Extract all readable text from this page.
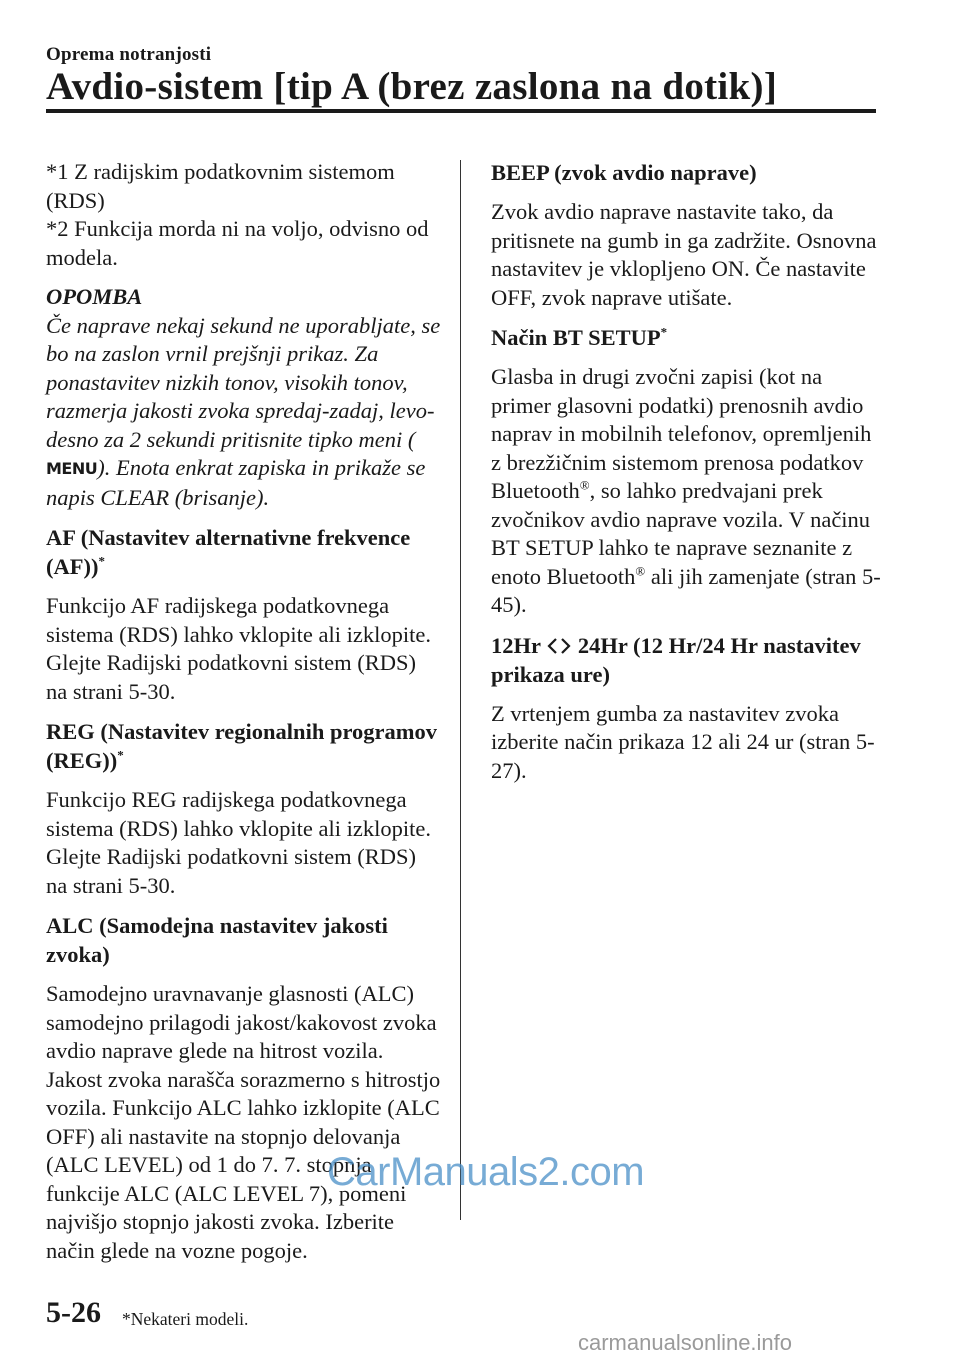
Oprema notranjosti
Avdio-sistem [tip A (brez zaslona na dotik)]

*1 Z radijskim podatkovnim sistemom (RDS)

*2 Funkcija morda ni na voljo, odvisno od modela.

OPOMBA

Če naprave nekaj sekund ne uporabljate, se bo na zaslon vrnil prejšnji prikaz. Za ponastavitev nizkih tonov, visokih tonov, razmerja jakosti zvoka spredaj-zadaj, levo-desno za 2 sekundi pritisnite tipko meni (MENU). Enota enkrat zapiska in prikaže se napis CLEAR (brisanje).

AF (Nastavitev alternativne frekvence (AF))*

Funkcijo AF radijskega podatkovnega sistema (RDS) lahko vklopite ali izklopite. Glejte Radijski podatkovni sistem (RDS) na strani 5-30.

REG (Nastavitev regionalnih programov (REG))*

Funkcijo REG radijskega podatkovnega sistema (RDS) lahko vklopite ali izklopite. Glejte Radijski podatkovni sistem (RDS) na strani 5-30.

ALC (Samodejna nastavitev jakosti zvoka)

Samodejno uravnavanje glasnosti (ALC) samodejno prilagodi jakost/kakovost zvoka avdio naprave glede na hitrost vozila. Jakost zvoka narašča sorazmerno s hitrostjo vozila. Funkcijo ALC lahko izklopite (ALC OFF) ali nastavite na stopnjo delovanja (ALC LEVEL) od 1 do 7. 7. stopnja funkcije ALC (ALC LEVEL 7), pomeni najvišjo stopnjo jakosti zvoka. Izberite način glede na vozne pogoje.

BEEP (zvok avdio naprave)

Zvok avdio naprave nastavite tako, da pritisnete na gumb in ga zadržite. Osnovna nastavitev je vklopljeno ON. Če nastavite OFF, zvok naprave utišate.

Način BT SETUP*

Glasba in drugi zvočni zapisi (kot na primer glasovni podatki) prenosnih avdio naprav in mobilnih telefonov, opremljenih z brezžičnim sistemom prenosa podatkov Bluetooth®, so lahko predvajani prek zvočnikov avdio naprave vozila. V načinu BT SETUP lahko te naprave seznanite z enoto Bluetooth® ali jih zamenjate (stran 5-45).

12Hr 24Hr (12 Hr/24 Hr nastavitev prikaza ure)

Z vrtenjem gumba za nastavitev zvoka izberite način prikaza 12 ali 24 ur (stran 5-27).

CarManuals2.com
5-26 *Nekateri modeli.
carmanualsonline.info
